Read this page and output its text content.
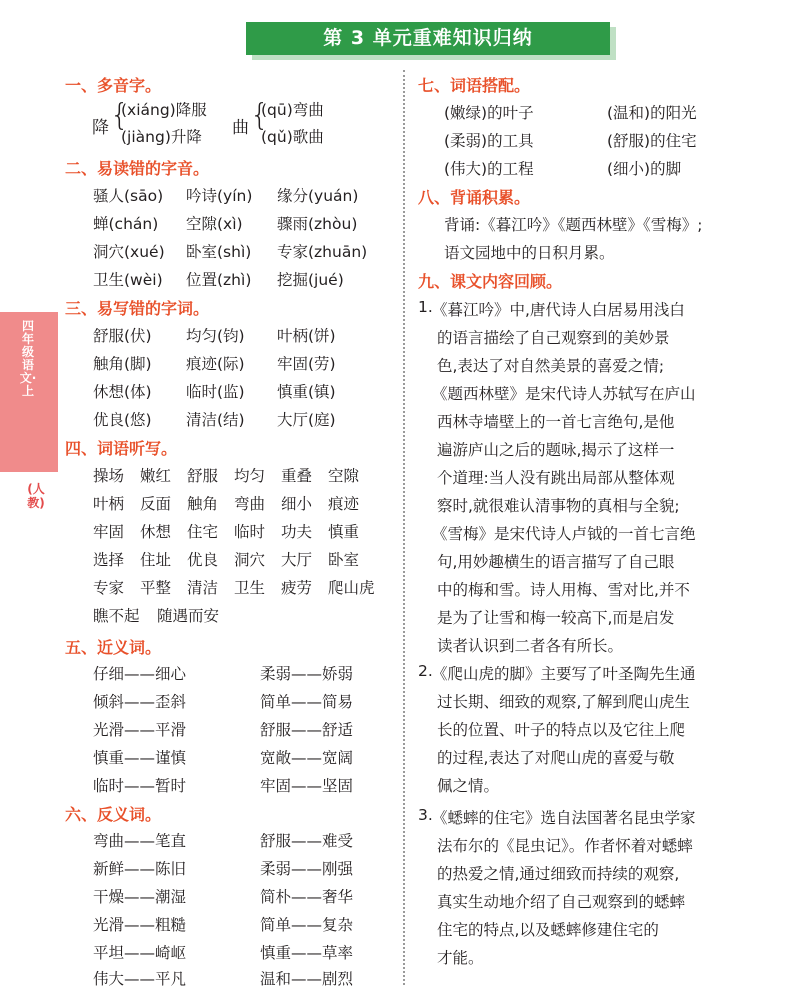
第 3 单元重难知识归纳
四年级语文·上
(人教)
一、多音字。
降 {
(xiáng)降服
(jiàng)升降 曲 {
(qū)弯曲
(qǔ)歌曲
二、易读错的字音。
骚人(sāo) 吟诗(yín) 缘分(yuán)
蝉(chán) 空隙(xì) 骤雨(zhòu)
洞穴(xué) 卧室(shì) 专家(zhuān)
卫生(wèi) 位置(zhì) 挖掘(jué)
三、易写错的字词。
舒服(伏) 均匀(钧) 叶柄(饼)
触角(脚) 痕迹(际) 牢固(劳)
休想(体) 临时(监) 慎重(镇)
优良(悠) 清洁(结) 大厅(庭)
四、词语听写。
操场 嫩红 舒服 均匀 重叠 空隙
叶柄 反面 触角 弯曲 细小 痕迹
牢固 休想 住宅 临时 功夫 慎重
选择 住址 优良 洞穴 大厅 卧室
专家 平整 清洁 卫生 疲劳 爬山虎
瞧不起 随遇而安
五、近义词。
仔细——细心	柔弱——娇弱
倾斜——歪斜	简单——简易
光滑——平滑	舒服——舒适
慎重——谨慎	宽敞——宽阔
临时——暂时	牢固——坚固
六、反义词。
弯曲——笔直	舒服——难受
新鲜——陈旧	柔弱——刚强
干燥——潮湿	简朴——奢华
光滑——粗糙	简单——复杂
平坦——崎岖	慎重——草率
伟大——平凡	温和——剧烈
七、词语搭配。
(嫩绿)的叶子	(温和)的阳光
(柔弱)的工具	(舒服)的住宅
(伟大)的工程	(细小)的脚
八、背诵积累。
背诵:《暮江吟》《题西林壁》《雪梅》;
语文园地中的日积月累。
九、课文内容回顾。
1. 《暮江吟》中,唐代诗人白居易用浅白
的语言描绘了自己观察到的美妙景
色,表达了对自然美景的喜爱之情;
《题西林壁》是宋代诗人苏轼写在庐山
西林寺墙壁上的一首七言绝句,是他
遍游庐山之后的题咏,揭示了这样一
个道理:当人没有跳出局部从整体观
察时,就很难认清事物的真相与全貌;
《雪梅》是宋代诗人卢钺的一首七言绝
句,用妙趣横生的语言描写了自己眼
中的梅和雪。诗人用梅、雪对比,并不
是为了让雪和梅一较高下,而是启发
读者认识到二者各有所长。
2. 《爬山虎的脚》主要写了叶圣陶先生通
过长期、细致的观察,了解到爬山虎生
长的位置、叶子的特点以及它往上爬
的过程,表达了对爬山虎的喜爱与敬
佩之情。
3. 《蟋蟀的住宅》选自法国著名昆虫学家
法布尔的《昆虫记》。作者怀着对蟋蟀
的热爱之情,通过细致而持续的观察,
真实生动地介绍了自己观察到的蟋蟀
住宅的特点,以及蟋蟀修建住宅的
才能。
